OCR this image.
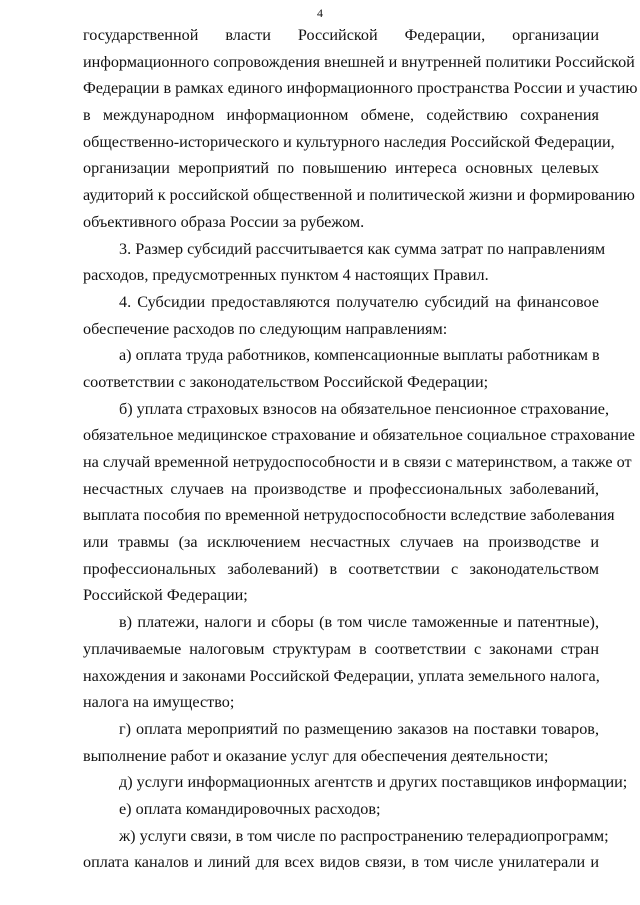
4
государственной власти Российской Федерации, организации
информационного сопровождения внешней и внутренней политики Российской
Федерации в рамках единого информационного пространства России и участию
в международном информационном обмене, содействию сохранения
общественно-исторического и культурного наследия Российской Федерации,
организации мероприятий по повышению интереса основных целевых
аудиторий к российской общественной и политической жизни и формированию
объективного образа России за рубежом.
3. Размер субсидий рассчитывается как сумма затрат по направлениям
расходов, предусмотренных пунктом 4 настоящих Правил.
4. Субсидии предоставляются получателю субсидий на финансовое
обеспечение расходов по следующим направлениям:
а) оплата труда работников, компенсационные выплаты работникам в
соответствии с законодательством Российской Федерации;
б) уплата страховых взносов на обязательное пенсионное страхование,
обязательное медицинское страхование и обязательное социальное страхование
на случай временной нетрудоспособности и в связи с материнством, а также от
несчастных случаев на производстве и профессиональных заболеваний,
выплата пособия по временной нетрудоспособности вследствие заболевания
или травмы (за исключением несчастных случаев на производстве и
профессиональных заболеваний) в соответствии с законодательством
Российской Федерации;
в) платежи, налоги и сборы (в том числе таможенные и патентные),
уплачиваемые налоговым структурам в соответствии с законами стран
нахождения и законами Российской Федерации, уплата земельного налога,
налога на имущество;
г) оплата мероприятий по размещению заказов на поставки товаров,
выполнение работ и оказание услуг для обеспечения деятельности;
д) услуги информационных агентств и других поставщиков информации;
е) оплата командировочных расходов;
ж) услуги связи, в том числе по распространению телерадиопрограмм;
оплата каналов и линий для всех видов связи, в том числе унилатерали и
